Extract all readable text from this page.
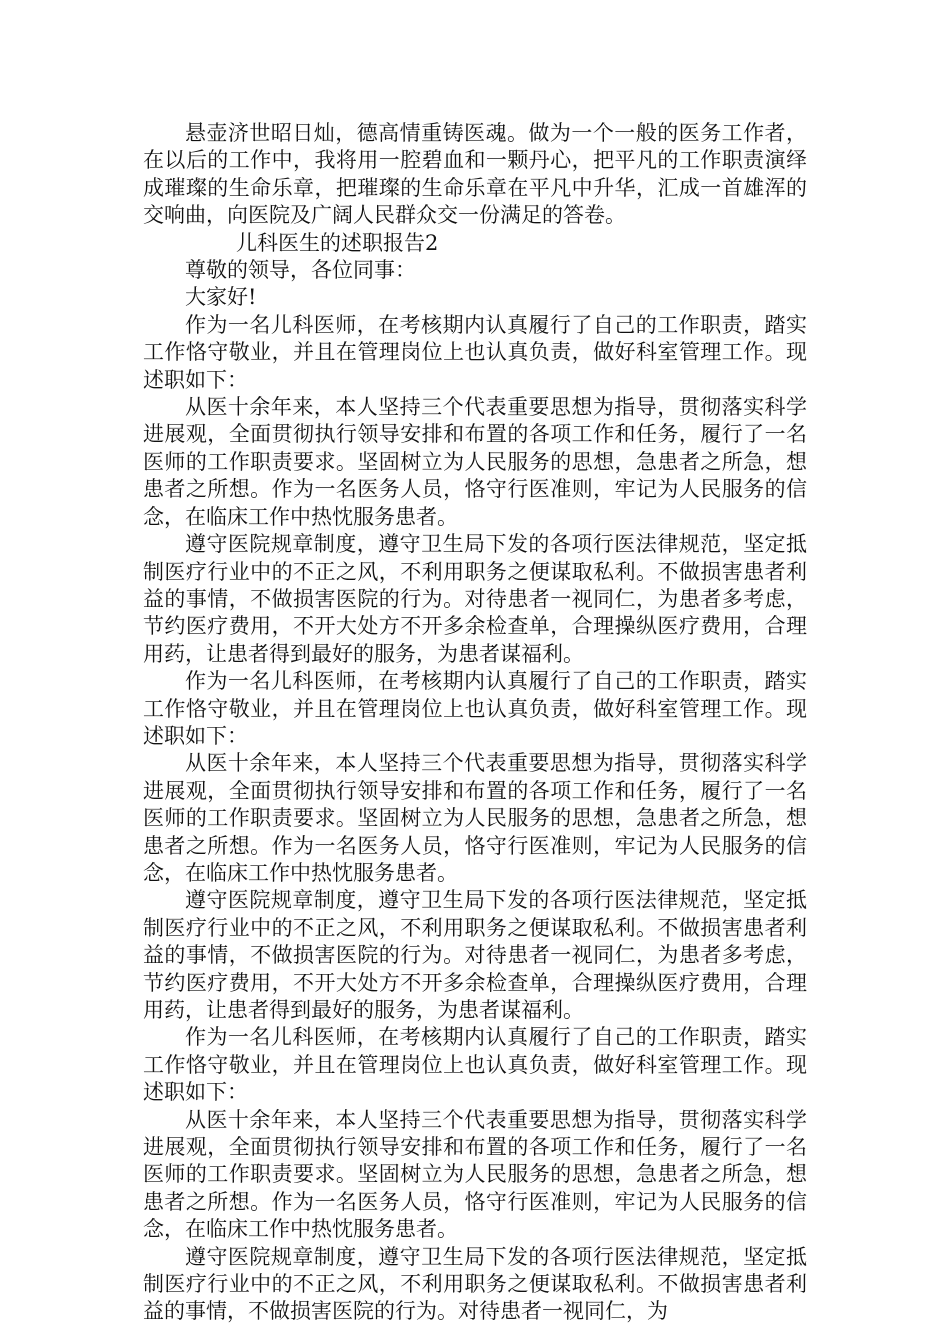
悬壶济世昭日灿，德高情重铸医魂。做为一个一般的医务工作者，在以后的工作中，我将用一腔碧血和一颗丹心，把平凡的工作职责演绎成璀璨的生命乐章，把璀璨的生命乐章在平凡中升华，汇成一首雄浑的交响曲，向医院及广阔人民群众交一份满足的答卷。

儿科医生的述职报告2

尊敬的领导，各位同事：

大家好!

作为一名儿科医师，在考核期内认真履行了自己的工作职责，踏实工作恪守敬业，并且在管理岗位上也认真负责，做好科室管理工作。现述职如下：

从医十余年来，本人坚持三个代表重要思想为指导，贯彻落实科学进展观，全面贯彻执行领导安排和布置的各项工作和任务，履行了一名医师的工作职责要求。坚固树立为人民服务的思想，急患者之所急，想患者之所想。作为一名医务人员，恪守行医准则，牢记为人民服务的信念，在临床工作中热忱服务患者。

遵守医院规章制度，遵守卫生局下发的各项行医法律规范，坚定抵制医疗行业中的不正之风，不利用职务之便谋取私利。不做损害患者利益的事情，不做损害医院的行为。对待患者一视同仁，为患者多考虑，节约医疗费用，不开大处方不开多余检查单，合理操纵医疗费用，合理用药，让患者得到最好的服务，为患者谋福利。

作为一名儿科医师，在考核期内认真履行了自己的工作职责，踏实工作恪守敬业，并且在管理岗位上也认真负责，做好科室管理工作。现述职如下：

从医十余年来，本人坚持三个代表重要思想为指导，贯彻落实科学进展观，全面贯彻执行领导安排和布置的各项工作和任务，履行了一名医师的工作职责要求。坚固树立为人民服务的思想，急患者之所急，想患者之所想。作为一名医务人员，恪守行医准则，牢记为人民服务的信念，在临床工作中热忱服务患者。

遵守医院规章制度，遵守卫生局下发的各项行医法律规范，坚定抵制医疗行业中的不正之风，不利用职务之便谋取私利。不做损害患者利益的事情，不做损害医院的行为。对待患者一视同仁，为患者多考虑，节约医疗费用，不开大处方不开多余检查单，合理操纵医疗费用，合理用药，让患者得到最好的服务，为患者谋福利。

作为一名儿科医师，在考核期内认真履行了自己的工作职责，踏实工作恪守敬业，并且在管理岗位上也认真负责，做好科室管理工作。现述职如下：

从医十余年来，本人坚持三个代表重要思想为指导，贯彻落实科学进展观，全面贯彻执行领导安排和布置的各项工作和任务，履行了一名医师的工作职责要求。坚固树立为人民服务的思想，急患者之所急，想患者之所想。作为一名医务人员，恪守行医准则，牢记为人民服务的信念，在临床工作中热忱服务患者。

遵守医院规章制度，遵守卫生局下发的各项行医法律规范，坚定抵制医疗行业中的不正之风，不利用职务之便谋取私利。不做损害患者利益的事情，不做损害医院的行为。对待患者一视同仁，为
